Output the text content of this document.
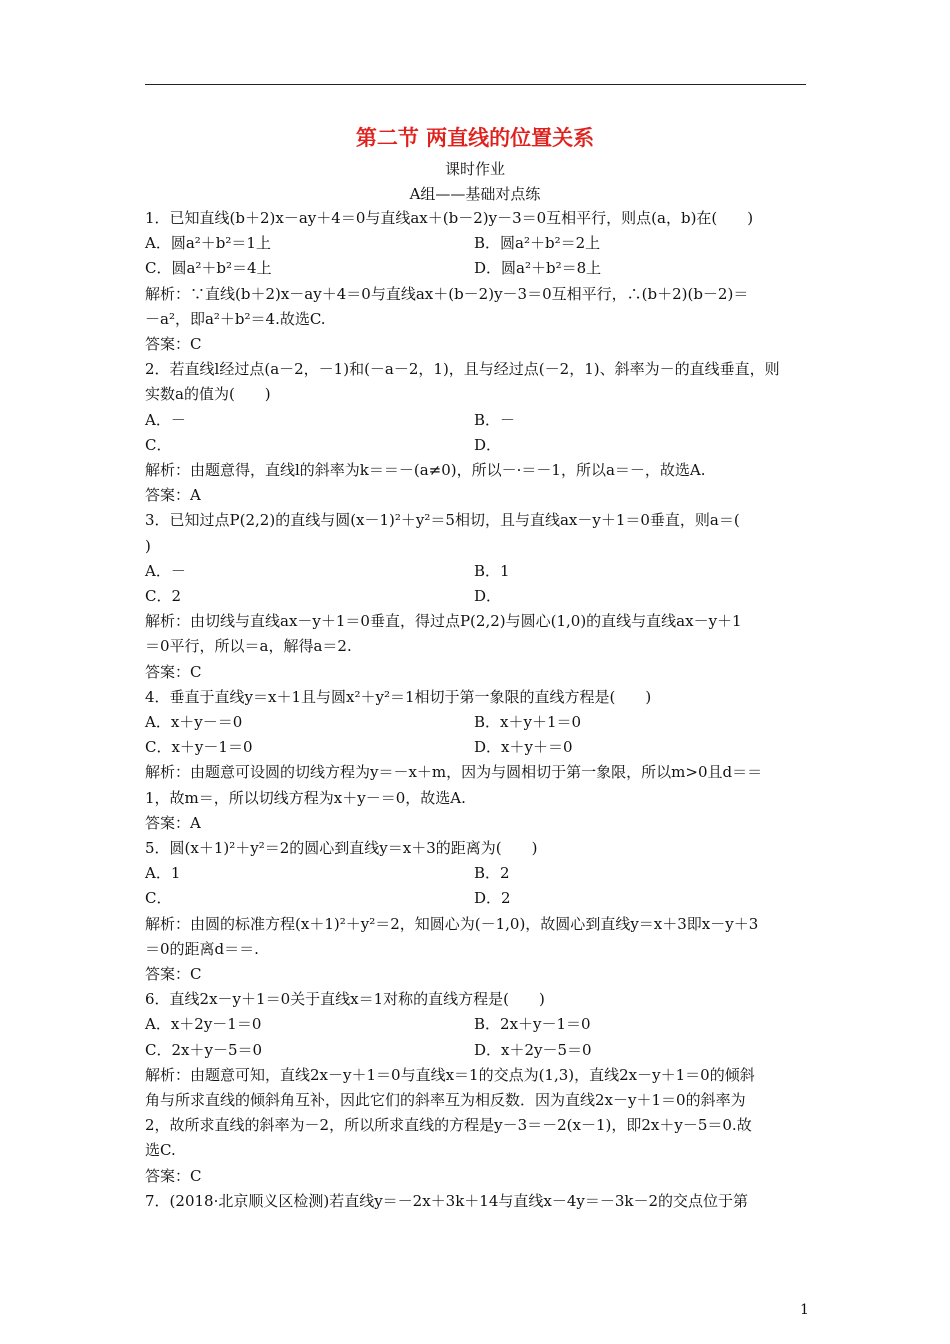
第二节 两直线的位置关系
课时作业
A组——基础对点练
1．已知直线(b＋2)x－ay＋4＝0与直线ax＋(b－2)y－3＝0互相平行，则点(a，b)在(　　)
A．圆a²＋b²＝1上	B．圆a²＋b²＝2上
C．圆a²＋b²＝4上	D．圆a²＋b²＝8上
解析：∵直线(b＋2)x－ay＋4＝0与直线ax＋(b－2)y－3＝0互相平行，∴(b＋2)(b－2)＝
－a²，即a²＋b²＝4.故选C.
答案：C
2．若直线l经过点(a－2，－1)和(－a－2，1)，且与经过点(－2，1)、斜率为－的直线垂直，则
实数a的值为(　　)
A．－	B．－
C．	D．
解析：由题意得，直线l的斜率为k＝＝－(a≠0)，所以－·＝－1，所以a＝－，故选A.
答案：A
3．已知过点P(2,2)的直线与圆(x－1)²＋y²＝5相切，且与直线ax－y＋1＝0垂直，则a＝(
)
A．－	B．1
C．2	D．
解析：由切线与直线ax－y＋1＝0垂直，得过点P(2,2)与圆心(1,0)的直线与直线ax－y＋1
＝0平行，所以＝a，解得a＝2.
答案：C
4．垂直于直线y＝x＋1且与圆x²＋y²＝1相切于第一象限的直线方程是(　　)
A．x＋y－＝0	B．x＋y＋1＝0
C．x＋y－1＝0	D．x＋y＋＝0
解析：由题意可设圆的切线方程为y＝－x＋m，因为与圆相切于第一象限，所以m>0且d＝＝
1，故m＝，所以切线方程为x＋y－＝0，故选A.
答案：A
5．圆(x＋1)²＋y²＝2的圆心到直线y＝x＋3的距离为(　　)
A．1	B．2
C．	D．2
解析：由圆的标准方程(x＋1)²＋y²＝2，知圆心为(－1,0)，故圆心到直线y＝x＋3即x－y＋3
＝0的距离d＝＝.
答案：C
6．直线2x－y＋1＝0关于直线x＝1对称的直线方程是(　　)
A．x＋2y－1＝0	B．2x＋y－1＝0
C．2x＋y－5＝0	D．x＋2y－5＝0
解析：由题意可知，直线2x－y＋1＝0与直线x＝1的交点为(1,3)，直线2x－y＋1＝0的倾斜
角与所求直线的倾斜角互补，因此它们的斜率互为相反数．因为直线2x－y＋1＝0的斜率为
2，故所求直线的斜率为－2，所以所求直线的方程是y－3＝－2(x－1)，即2x＋y－5＝0.故
选C.
答案：C
7．(2018·北京顺义区检测)若直线y＝－2x＋3k＋14与直线x－4y＝－3k－2的交点位于第
1
